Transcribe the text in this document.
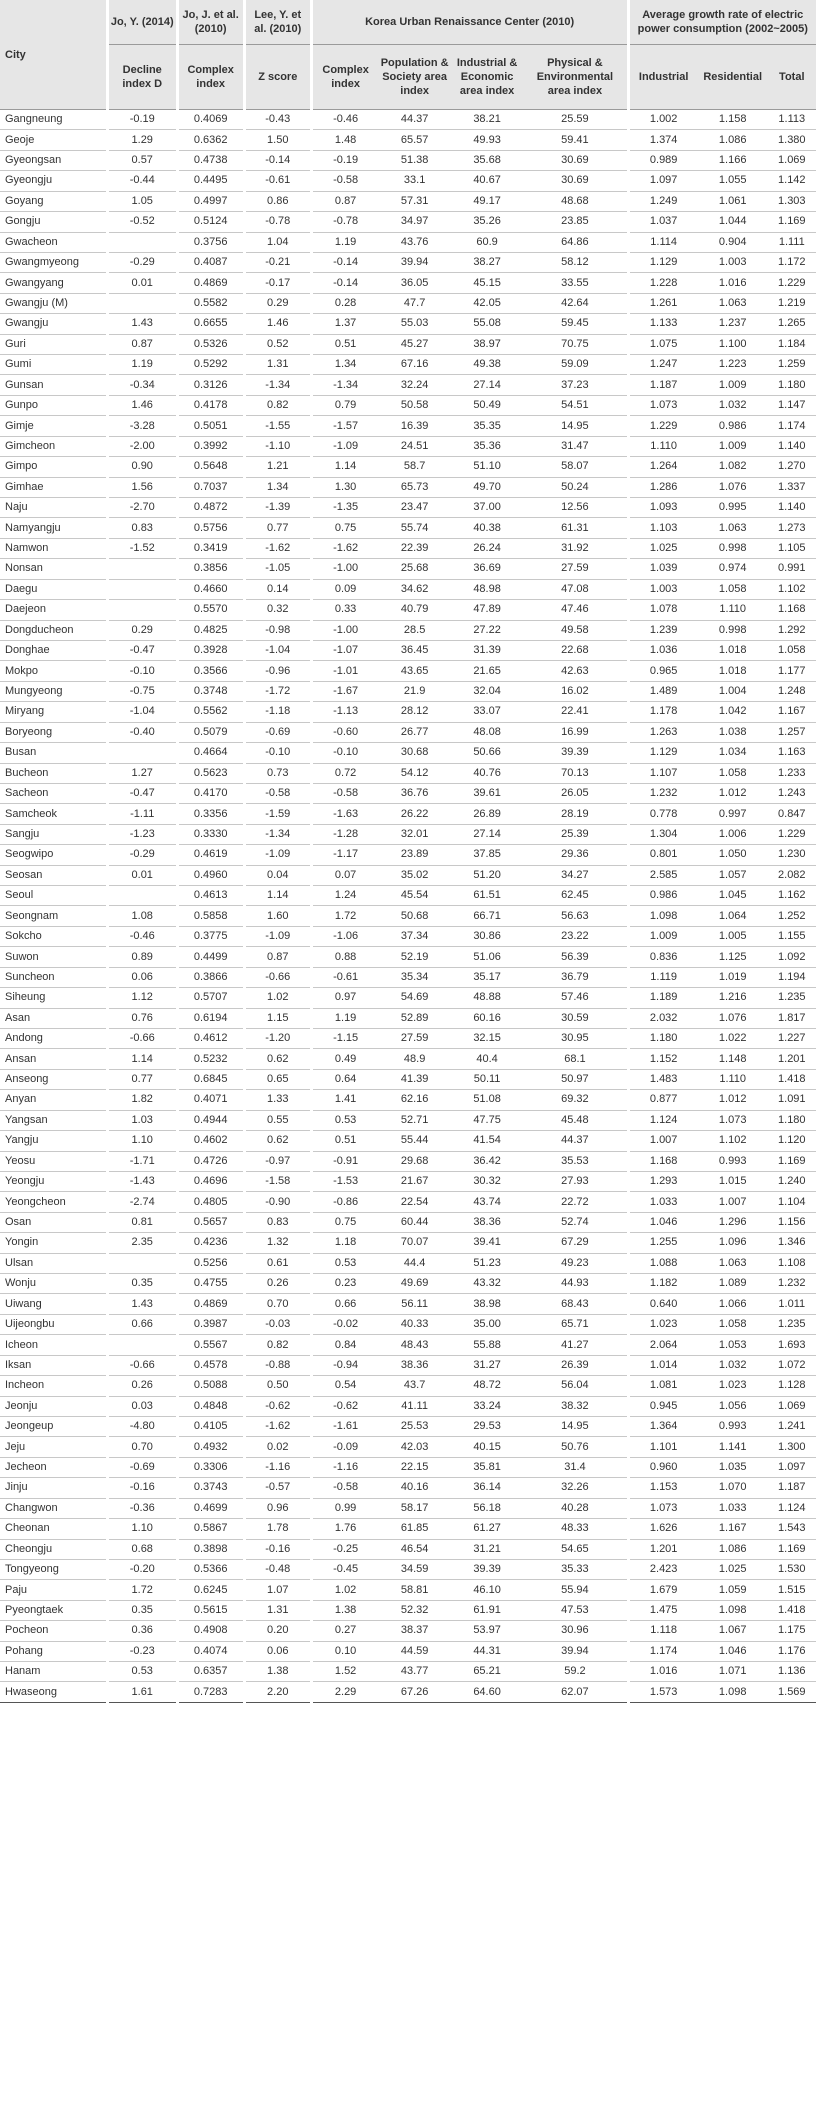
City	Jo, Y. (2014)	Jo, J. et al. (2010)	Lee, Y. et al. (2010)	Korea Urban Renaissance Center (2010)				Average growth rate of electric power consumption (2002~2005)		
	Decline index D	Complex index	Z score	Complex index	Population & Society area index	Industrial & Economic area index	Physical & Environmental area index	Industrial	Residential	Total
Gangneung	-0.19	0.4069	-0.43	-0.46	44.37	38.21	25.59	1.002	1.158	1.113
Geoje	1.29	0.6362	1.50	1.48	65.57	49.93	59.41	1.374	1.086	1.380
Gyeongsan	0.57	0.4738	-0.14	-0.19	51.38	35.68	30.69	0.989	1.166	1.069
Gyeongju	-0.44	0.4495	-0.61	-0.58	33.1	40.67	30.69	1.097	1.055	1.142
Goyang	1.05	0.4997	0.86	0.87	57.31	49.17	48.68	1.249	1.061	1.303
Gongju	-0.52	0.5124	-0.78	-0.78	34.97	35.26	23.85	1.037	1.044	1.169
Gwacheon		0.3756	1.04	1.19	43.76	60.9	64.86	1.114	0.904	1.111
Gwangmyeong	-0.29	0.4087	-0.21	-0.14	39.94	38.27	58.12	1.129	1.003	1.172
Gwangyang	0.01	0.4869	-0.17	-0.14	36.05	45.15	33.55	1.228	1.016	1.229
Gwangju (M)		0.5582	0.29	0.28	47.7	42.05	42.64	1.261	1.063	1.219
Gwangju	1.43	0.6655	1.46	1.37	55.03	55.08	59.45	1.133	1.237	1.265
Guri	0.87	0.5326	0.52	0.51	45.27	38.97	70.75	1.075	1.100	1.184
Gumi	1.19	0.5292	1.31	1.34	67.16	49.38	59.09	1.247	1.223	1.259
Gunsan	-0.34	0.3126	-1.34	-1.34	32.24	27.14	37.23	1.187	1.009	1.180
Gunpo	1.46	0.4178	0.82	0.79	50.58	50.49	54.51	1.073	1.032	1.147
Gimje	-3.28	0.5051	-1.55	-1.57	16.39	35.35	14.95	1.229	0.986	1.174
Gimcheon	-2.00	0.3992	-1.10	-1.09	24.51	35.36	31.47	1.110	1.009	1.140
Gimpo	0.90	0.5648	1.21	1.14	58.7	51.10	58.07	1.264	1.082	1.270
Gimhae	1.56	0.7037	1.34	1.30	65.73	49.70	50.24	1.286	1.076	1.337
Naju	-2.70	0.4872	-1.39	-1.35	23.47	37.00	12.56	1.093	0.995	1.140
Namyangju	0.83	0.5756	0.77	0.75	55.74	40.38	61.31	1.103	1.063	1.273
Namwon	-1.52	0.3419	-1.62	-1.62	22.39	26.24	31.92	1.025	0.998	1.105
Nonsan		0.3856	-1.05	-1.00	25.68	36.69	27.59	1.039	0.974	0.991
Daegu		0.4660	0.14	0.09	34.62	48.98	47.08	1.003	1.058	1.102
Daejeon		0.5570	0.32	0.33	40.79	47.89	47.46	1.078	1.110	1.168
Dongducheon	0.29	0.4825	-0.98	-1.00	28.5	27.22	49.58	1.239	0.998	1.292
Donghae	-0.47	0.3928	-1.04	-1.07	36.45	31.39	22.68	1.036	1.018	1.058
Mokpo	-0.10	0.3566	-0.96	-1.01	43.65	21.65	42.63	0.965	1.018	1.177
Mungyeong	-0.75	0.3748	-1.72	-1.67	21.9	32.04	16.02	1.489	1.004	1.248
Miryang	-1.04	0.5562	-1.18	-1.13	28.12	33.07	22.41	1.178	1.042	1.167
Boryeong	-0.40	0.5079	-0.69	-0.60	26.77	48.08	16.99	1.263	1.038	1.257
Busan		0.4664	-0.10	-0.10	30.68	50.66	39.39	1.129	1.034	1.163
Bucheon	1.27	0.5623	0.73	0.72	54.12	40.76	70.13	1.107	1.058	1.233
Sacheon	-0.47	0.4170	-0.58	-0.58	36.76	39.61	26.05	1.232	1.012	1.243
Samcheok	-1.11	0.3356	-1.59	-1.63	26.22	26.89	28.19	0.778	0.997	0.847
Sangju	-1.23	0.3330	-1.34	-1.28	32.01	27.14	25.39	1.304	1.006	1.229
Seogwipo	-0.29	0.4619	-1.09	-1.17	23.89	37.85	29.36	0.801	1.050	1.230
Seosan	0.01	0.4960	0.04	0.07	35.02	51.20	34.27	2.585	1.057	2.082
Seoul		0.4613	1.14	1.24	45.54	61.51	62.45	0.986	1.045	1.162
Seongnam	1.08	0.5858	1.60	1.72	50.68	66.71	56.63	1.098	1.064	1.252
Sokcho	-0.46	0.3775	-1.09	-1.06	37.34	30.86	23.22	1.009	1.005	1.155
Suwon	0.89	0.4499	0.87	0.88	52.19	51.06	56.39	0.836	1.125	1.092
Suncheon	0.06	0.3866	-0.66	-0.61	35.34	35.17	36.79	1.119	1.019	1.194
Siheung	1.12	0.5707	1.02	0.97	54.69	48.88	57.46	1.189	1.216	1.235
Asan	0.76	0.6194	1.15	1.19	52.89	60.16	30.59	2.032	1.076	1.817
Andong	-0.66	0.4612	-1.20	-1.15	27.59	32.15	30.95	1.180	1.022	1.227
Ansan	1.14	0.5232	0.62	0.49	48.9	40.4	68.1	1.152	1.148	1.201
Anseong	0.77	0.6845	0.65	0.64	41.39	50.11	50.97	1.483	1.110	1.418
Anyan	1.82	0.4071	1.33	1.41	62.16	51.08	69.32	0.877	1.012	1.091
Yangsan	1.03	0.4944	0.55	0.53	52.71	47.75	45.48	1.124	1.073	1.180
Yangju	1.10	0.4602	0.62	0.51	55.44	41.54	44.37	1.007	1.102	1.120
Yeosu	-1.71	0.4726	-0.97	-0.91	29.68	36.42	35.53	1.168	0.993	1.169
Yeongju	-1.43	0.4696	-1.58	-1.53	21.67	30.32	27.93	1.293	1.015	1.240
Yeongcheon	-2.74	0.4805	-0.90	-0.86	22.54	43.74	22.72	1.033	1.007	1.104
Osan	0.81	0.5657	0.83	0.75	60.44	38.36	52.74	1.046	1.296	1.156
Yongin	2.35	0.4236	1.32	1.18	70.07	39.41	67.29	1.255	1.096	1.346
Ulsan		0.5256	0.61	0.53	44.4	51.23	49.23	1.088	1.063	1.108
Wonju	0.35	0.4755	0.26	0.23	49.69	43.32	44.93	1.182	1.089	1.232
Uiwang	1.43	0.4869	0.70	0.66	56.11	38.98	68.43	0.640	1.066	1.011
Uijeongbu	0.66	0.3987	-0.03	-0.02	40.33	35.00	65.71	1.023	1.058	1.235
Icheon		0.5567	0.82	0.84	48.43	55.88	41.27	2.064	1.053	1.693
Iksan	-0.66	0.4578	-0.88	-0.94	38.36	31.27	26.39	1.014	1.032	1.072
Incheon	0.26	0.5088	0.50	0.54	43.7	48.72	56.04	1.081	1.023	1.128
Jeonju	0.03	0.4848	-0.62	-0.62	41.11	33.24	38.32	0.945	1.056	1.069
Jeongeup	-4.80	0.4105	-1.62	-1.61	25.53	29.53	14.95	1.364	0.993	1.241
Jeju	0.70	0.4932	0.02	-0.09	42.03	40.15	50.76	1.101	1.141	1.300
Jecheon	-0.69	0.3306	-1.16	-1.16	22.15	35.81	31.4	0.960	1.035	1.097
Jinju	-0.16	0.3743	-0.57	-0.58	40.16	36.14	32.26	1.153	1.070	1.187
Changwon	-0.36	0.4699	0.96	0.99	58.17	56.18	40.28	1.073	1.033	1.124
Cheonan	1.10	0.5867	1.78	1.76	61.85	61.27	48.33	1.626	1.167	1.543
Cheongju	0.68	0.3898	-0.16	-0.25	46.54	31.21	54.65	1.201	1.086	1.169
Tongyeong	-0.20	0.5366	-0.48	-0.45	34.59	39.39	35.33	2.423	1.025	1.530
Paju	1.72	0.6245	1.07	1.02	58.81	46.10	55.94	1.679	1.059	1.515
Pyeongtaek	0.35	0.5615	1.31	1.38	52.32	61.91	47.53	1.475	1.098	1.418
Pocheon	0.36	0.4908	0.20	0.27	38.37	53.97	30.96	1.118	1.067	1.175
Pohang	-0.23	0.4074	0.06	0.10	44.59	44.31	39.94	1.174	1.046	1.176
Hanam	0.53	0.6357	1.38	1.52	43.77	65.21	59.2	1.016	1.071	1.136
Hwaseong	1.61	0.7283	2.20	2.29	67.26	64.60	62.07	1.573	1.098	1.569
